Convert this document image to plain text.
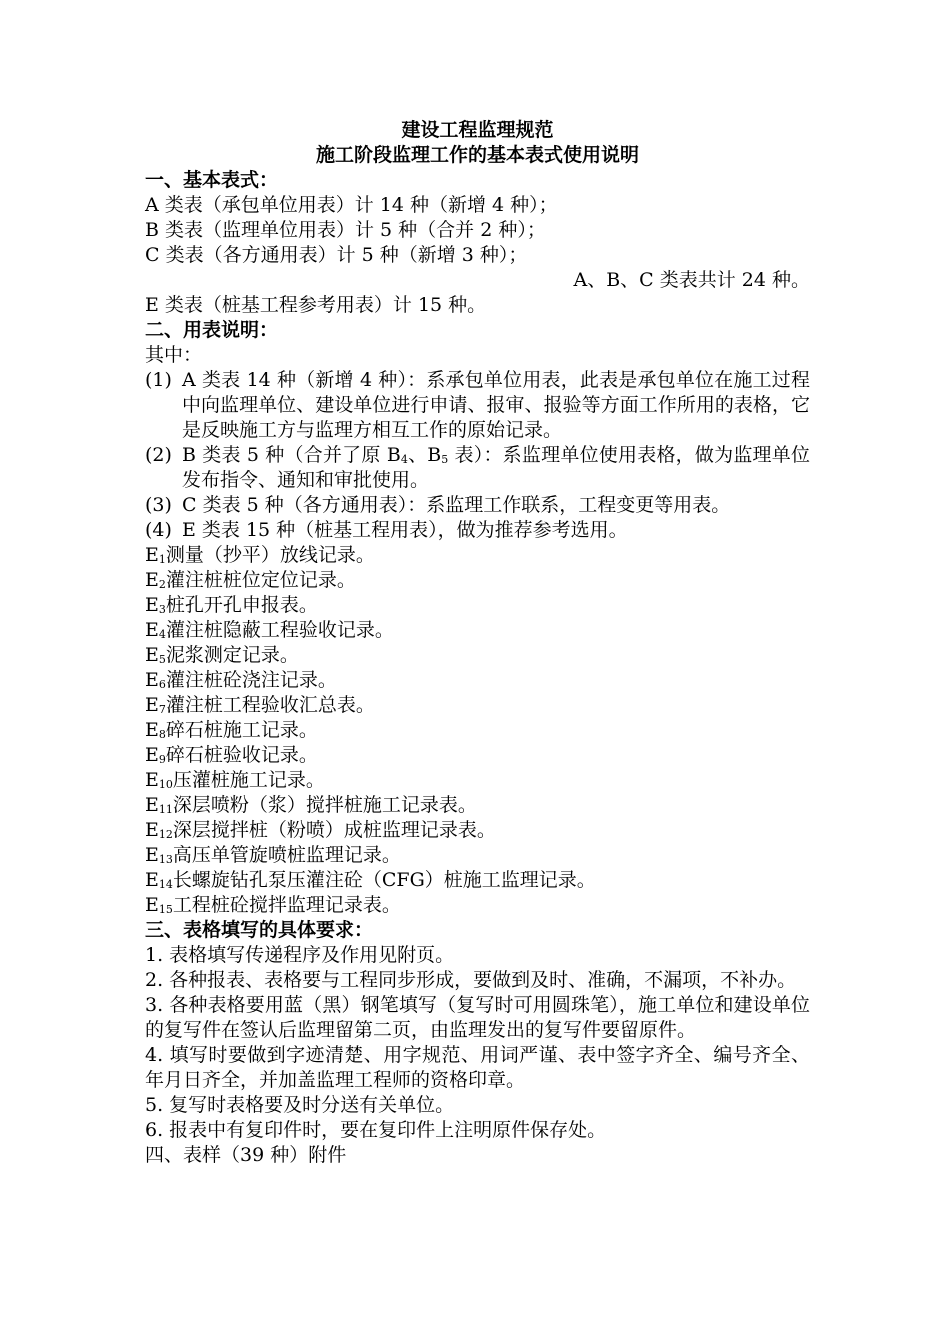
建设工程监理规范
施工阶段监理工作的基本表式使用说明
一、基本表式：
A 类表（承包单位用表）计 14 种（新增 4 种）；
B 类表（监理单位用表）计 5 种（合并 2 种）；
C 类表（各方通用表）计 5 种（新增 3 种）；
A、B、C 类表共计 24 种。
E 类表（桩基工程参考用表）计 15 种。
二、用表说明：
其中：
(1) A 类表 14 种（新增 4 种）：系承包单位用表，此表是承包单位在施工过程中向监理单位、建设单位进行申请、报审、报验等方面工作所用的表格，它是反映施工方与监理方相互工作的原始记录。
(2) B 类表 5 种（合并了原 $B_4$、$B_5$ 表）：系监理单位使用表格，做为监理单位发布指令、通知和审批使用。
(3) C 类表 5 种（各方通用表）：系监理工作联系，工程变更等用表。
(4) E 类表 15 种（桩基工程用表），做为推荐参考选用。
$E_1$测量（抄平）放线记录。
$E_2$灌注桩桩位定位记录。
$E_3$桩孔开孔申报表。
$E_4$灌注桩隐蔽工程验收记录。
$E_5$泥浆测定记录。
$E_6$灌注桩砼浇注记录。
$E_7$灌注桩工程验收汇总表。
$E_8$碎石桩施工记录。
$E_9$碎石桩验收记录。
$E_{10}$压灌桩施工记录。
$E_{11}$深层喷粉（浆）搅拌桩施工记录表。
$E_{12}$深层搅拌桩（粉喷）成桩监理记录表。
$E_{13}$高压单管旋喷桩监理记录。
$E_{14}$长螺旋钻孔泵压灌注砼（CFG）桩施工监理记录。
$E_{15}$工程桩砼搅拌监理记录表。
三、表格填写的具体要求：
1. 表格填写传递程序及作用见附页。
2. 各种报表、表格要与工程同步形成，要做到及时、准确，不漏项，不补办。
3. 各种表格要用蓝（黑）钢笔填写（复写时可用圆珠笔），施工单位和建设单位的复写件在签认后监理留第二页，由监理发出的复写件要留原件。
4. 填写时要做到字迹清楚、用字规范、用词严谨、表中签字齐全、编号齐全、年月日齐全，并加盖监理工程师的资格印章。
5. 复写时表格要及时分送有关单位。
6. 报表中有复印件时，要在复印件上注明原件保存处。
四、表样（39 种）附件
